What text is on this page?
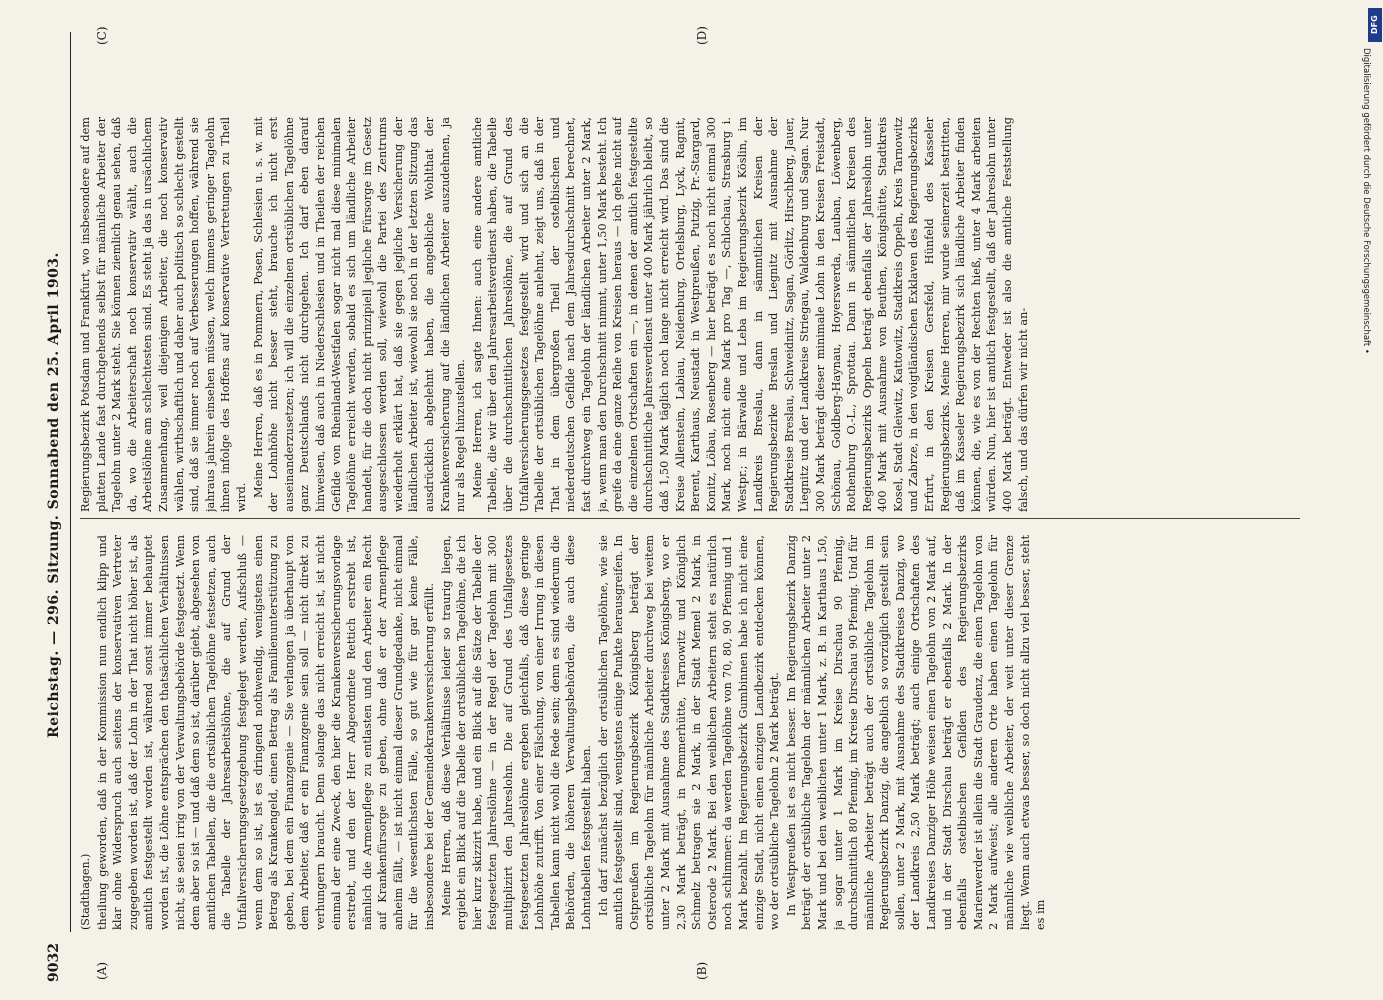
9032
Reichstag. — 296. Sitzung. Sonnabend den 25. April 1903.
(A)	(B)
(C)	(D)

(Stadthagen.) theilung geworden, daß in der Kommission nun endlich klipp und klar ohne Widerspruch auch seitens der konservativen Vertreter zugegeben worden ist, daß der Lohn in der That nicht höher ist, als amtlich festgestellt worden ist, während sonst immer behauptet worden ist, die Löhne entsprächen den thatsächlichen Verhältnissen nicht, sie seien irrig von der Verwaltungsbehörde festgesetzt. Wenn dem aber so ist — und daß dem so ist, darüber giebt, abgesehen von amtlichen Tabellen, die die ortsüblichen Tagelöhne festsetzen, auch die Tabelle der Jahresarbeitslöhne, die auf Grund der Unfallversicherungsgesetzgebung festgelegt werden, Aufschluß — wenn dem so ist, ist es dringend nothwendig, wenigstens einen Betrag als Krankengeld, einen Betrag als Familienunterstützung zu geben, bei dem ein Finanzgenie — Sie verlangen ja überhaupt von dem Arbeiter, daß er ein Finanzgenie sein soll — nicht direkt zu verhungern braucht. Denn solange das nicht erreicht ist, ist nicht einmal der eine Zweck, den hier die Krankenversicherungsvorlage erstrebt, und den der Herr Abgeordnete Rettich erstrebt ist, nämlich die Armenpflege zu entlasten und den Arbeiter ein Recht auf Krankenfürsorge zu geben, ohne daß er der Armenpflege anheim fällt, — ist nicht einmal dieser Grundgedanke, nicht einmal für die wesentlichsten Fälle, so gut wie für gar keine Fälle, insbesondere bei der Gemeindekrankenversicherung erfüllt. Meine Herren, daß diese Verhältnisse leider so traurig liegen, ergiebt ein Blick auf die Tabelle der ortsüblichen Tagelöhne, die ich hier kurz skizzirt habe, und ein Blick auf die Sätze der Tabelle der festgesetzten Jahreslöhne — in der Regel der Tagelohn mit 300 multiplizirt den Jahreslohn. Die auf Grund des Unfallgesetzes festgesetzten Jahreslöhne ergeben gleichfalls, daß diese geringe Lohnhöhe zutrifft. Von einer Fälschung, von einer Irrung in diesen Tabellen kann nicht wohl die Rede sein; denn es sind wiederum die Behörden, die höheren Verwaltungsbehörden, die auch diese Lohntabellen festgestellt haben. Ich darf zunächst bezüglich der ortsüblichen Tagelöhne, wie sie amtlich festgestellt sind, wenigstens einige Punkte herausgreifen. In Ostpreußen im Regierungsbezirk Königsberg beträgt der ortsübliche Tagelohn für männliche Arbeiter durchweg bei weitem unter 2 Mark mit Ausnahme des Stadtkreises Königsberg, wo er 2,30 Mark beträgt, in Pommerhütte, Tarnowitz und Königlich Schmelz betragen sie 2 Mark, in der Stadt Memel 2 Mark, in Osterode 2 Mark. Bei den weiblichen Arbeitern steht es natürlich noch schlimmer: da werden Tagelöhne von 70, 80, 90 Pfennig und 1 Mark bezahlt. Im Regierungsbezirk Gumbinnen habe ich nicht eine einzige Stadt, nicht einen einzigen Landbezirk entdecken können, wo der ortsübliche Tagelohn 2 Mark beträgt. In Westpreußen ist es nicht besser. Im Regierungsbezirk Danzig beträgt der ortsübliche Tagelohn der männlichen Arbeiter unter 2 Mark und bei den weiblichen unter 1 Mark, z. B. in Karthaus 1,50, ja sogar unter 1 Mark im Kreise Dirschau 90 Pfennig, durchschnittlich 80 Pfennig, im Kreise Dirschau 90 Pfennig. Und für männliche Arbeiter beträgt auch der ortsübliche Tagelohn im Regierungsbezirk Danzig, die angeblich so vorzüglich gestellt sein sollen, unter 2 Mark, mit Ausnahme des Stadtkreises Danzig, wo der Landkreis 2,50 Mark beträgt; auch einige Ortschaften des Landkreises Danziger Höhe weisen einen Tagelohn von 2 Mark auf, und in der Stadt Dirschau beträgt er ebenfalls 2 Mark. In der ebenfalls ostelbischen Gefilden des Regierungsbezirks Marienwerder ist allein die Stadt Graudenz, die einen Tagelohn von 2 Mark aufweist; alle anderen Orte haben einen Tagelohn für männliche wie weibliche Arbeiter, der weit unter dieser Grenze liegt. Wenn auch etwas besser, so doch nicht allzu viel besser, steht es im

Regierungsbezirk Potsdam und Frankfurt, wo insbesondere auf dem platten Lande fast durchgehends selbst für männliche Arbeiter der Tagelohn unter 2 Mark steht. Sie können ziemlich genau sehen, daß da, wo die Arbeiterschaft noch konservativ wählt, auch die Arbeitslöhne am schlechtesten sind. Es steht ja das in ursächlichem Zusammenhang, weil diejenigen Arbeiter, die noch konservativ wählen, wirthschaftlich und daher auch politisch so schlecht gestellt sind, daß sie immer noch auf Verbesserungen hoffen, während sie jahraus jahrein einsehen müssen, welch immens geringer Tagelohn ihnen infolge des Hoffens auf konservative Vertretungen zu Theil wird. Meine Herren, daß es in Pommern, Posen, Schlesien u. s. w. mit der Lohnhöhe nicht besser steht, brauche ich nicht erst auseinanderzusetzen; ich will die einzelnen ortsüblichen Tagelöhne ganz Deutschlands nicht durchgehen. Ich darf eben darauf hinweisen, daß auch in Niederschlesien und in Theilen der reichen Gefilde von Rheinland-Westfalen sogar nicht mal diese minimalen Tagelöhne erreicht werden, sobald es sich um ländliche Arbeiter handelt, für die doch nicht prinzipiell jegliche Fürsorge im Gesetz ausgeschlossen werden soll, wiewohl die Partei des Zentrums wiederholt erklärt hat, daß sie gegen jegliche Versicherung der ländlichen Arbeiter ist, wiewohl sie noch in der letzten Sitzung das ausdrücklich abgelehnt haben, die angebliche Wohlthat der Krankenversicherung auf die ländlichen Arbeiter auszudehnen, ja nur als Regel hinzustellen. Meine Herren, ich sagte Ihnen: auch eine andere amtliche Tabelle, die wir über den Jahresarbeitsverdienst haben, die Tabelle über die durchschnittlichen Jahreslöhne, die auf Grund des Unfallversicherungsgesetzes festgestellt wird und sich an die Tabelle der ortsüblichen Tagelöhne anlehnt, zeigt uns, daß in der That in dem übergroßen Theil der ostelbischen und niederdeutschen Gefilde nach dem Jahresdurchschnitt berechnet, fast durchweg ein Tagelohn der ländlichen Arbeiter unter 2 Mark, ja, wenn man den Durchschnitt nimmt, unter 1,50 Mark besteht. Ich greife da eine ganze Reihe von Kreisen heraus — ich gehe nicht auf die einzelnen Ortschaften ein —, in denen der amtlich festgestellte durchschnittliche Jahresverdienst unter 400 Mark jährlich bleibt, so daß 1,50 Mark täglich noch lange nicht erreicht wird. Das sind die Kreise Allenstein, Labiau, Neidenburg, Ortelsburg, Lyck, Ragnit, Berent, Karthaus, Neustadt in Westpreußen, Putzig, Pr.-Stargard, Konitz, Löbau, Rosenberg — hier beträgt es noch nicht einmal 300 Mark, noch nicht eine Mark pro Tag —, Schlochau, Strasburg i. Westpr.; in Bärwalde und Leba im Regierungsbezirk Köslin, im Landkreis Breslau, dann in sämmtlichen Kreisen der Regierungsbezirke Breslan und Liegnitz mit Ausnahme der Stadtkreise Breslau, Schweidnitz, Sagan, Görlitz, Hirschberg, Jauer, Liegnitz und der Landkreise Striegau, Waldenburg und Sagan. Nur 300 Mark beträgt dieser minimale Lohn in den Kreisen Freistadt, Schönau, Goldberg-Haynau, Hoyerswerda, Lauban, Löwenberg, Rothenburg O.-L., Sprottau. Dann in sämmtlichen Kreisen des Regierungsbezirks Oppeln beträgt ebenfalls der Jahreslohn unter 400 Mark mit Ausnahme von Beuthen, Königshütte, Stadtkreis Kosel, Stadt Gleiwitz, Kattowitz, Stadtkreis Oppeln, Kreis Tarnowitz und Zabrze, in den voigtländischen Exklaven des Regierungsbezirks Erfurt, in den Kreisen Gersfeld, Hünfeld des Kasseler Regierungsbezirks. Meine Herren, mir wurde seinerzeit bestritten, daß im Kasseler Regierungsbezirk sich ländliche Arbeiter finden können, die, wie es von der Rechten hieß, unter 4 Mark arbeiten würden. Nun, hier ist amtlich festgestellt, daß der Jahreslohn unter 400 Mark beträgt. Entweder ist also die amtliche Feststellung falsch, und das dürfen wir nicht an-

DFG
Digitalisierung gefördert durch die Deutsche Forschungsgemeinschaft •
